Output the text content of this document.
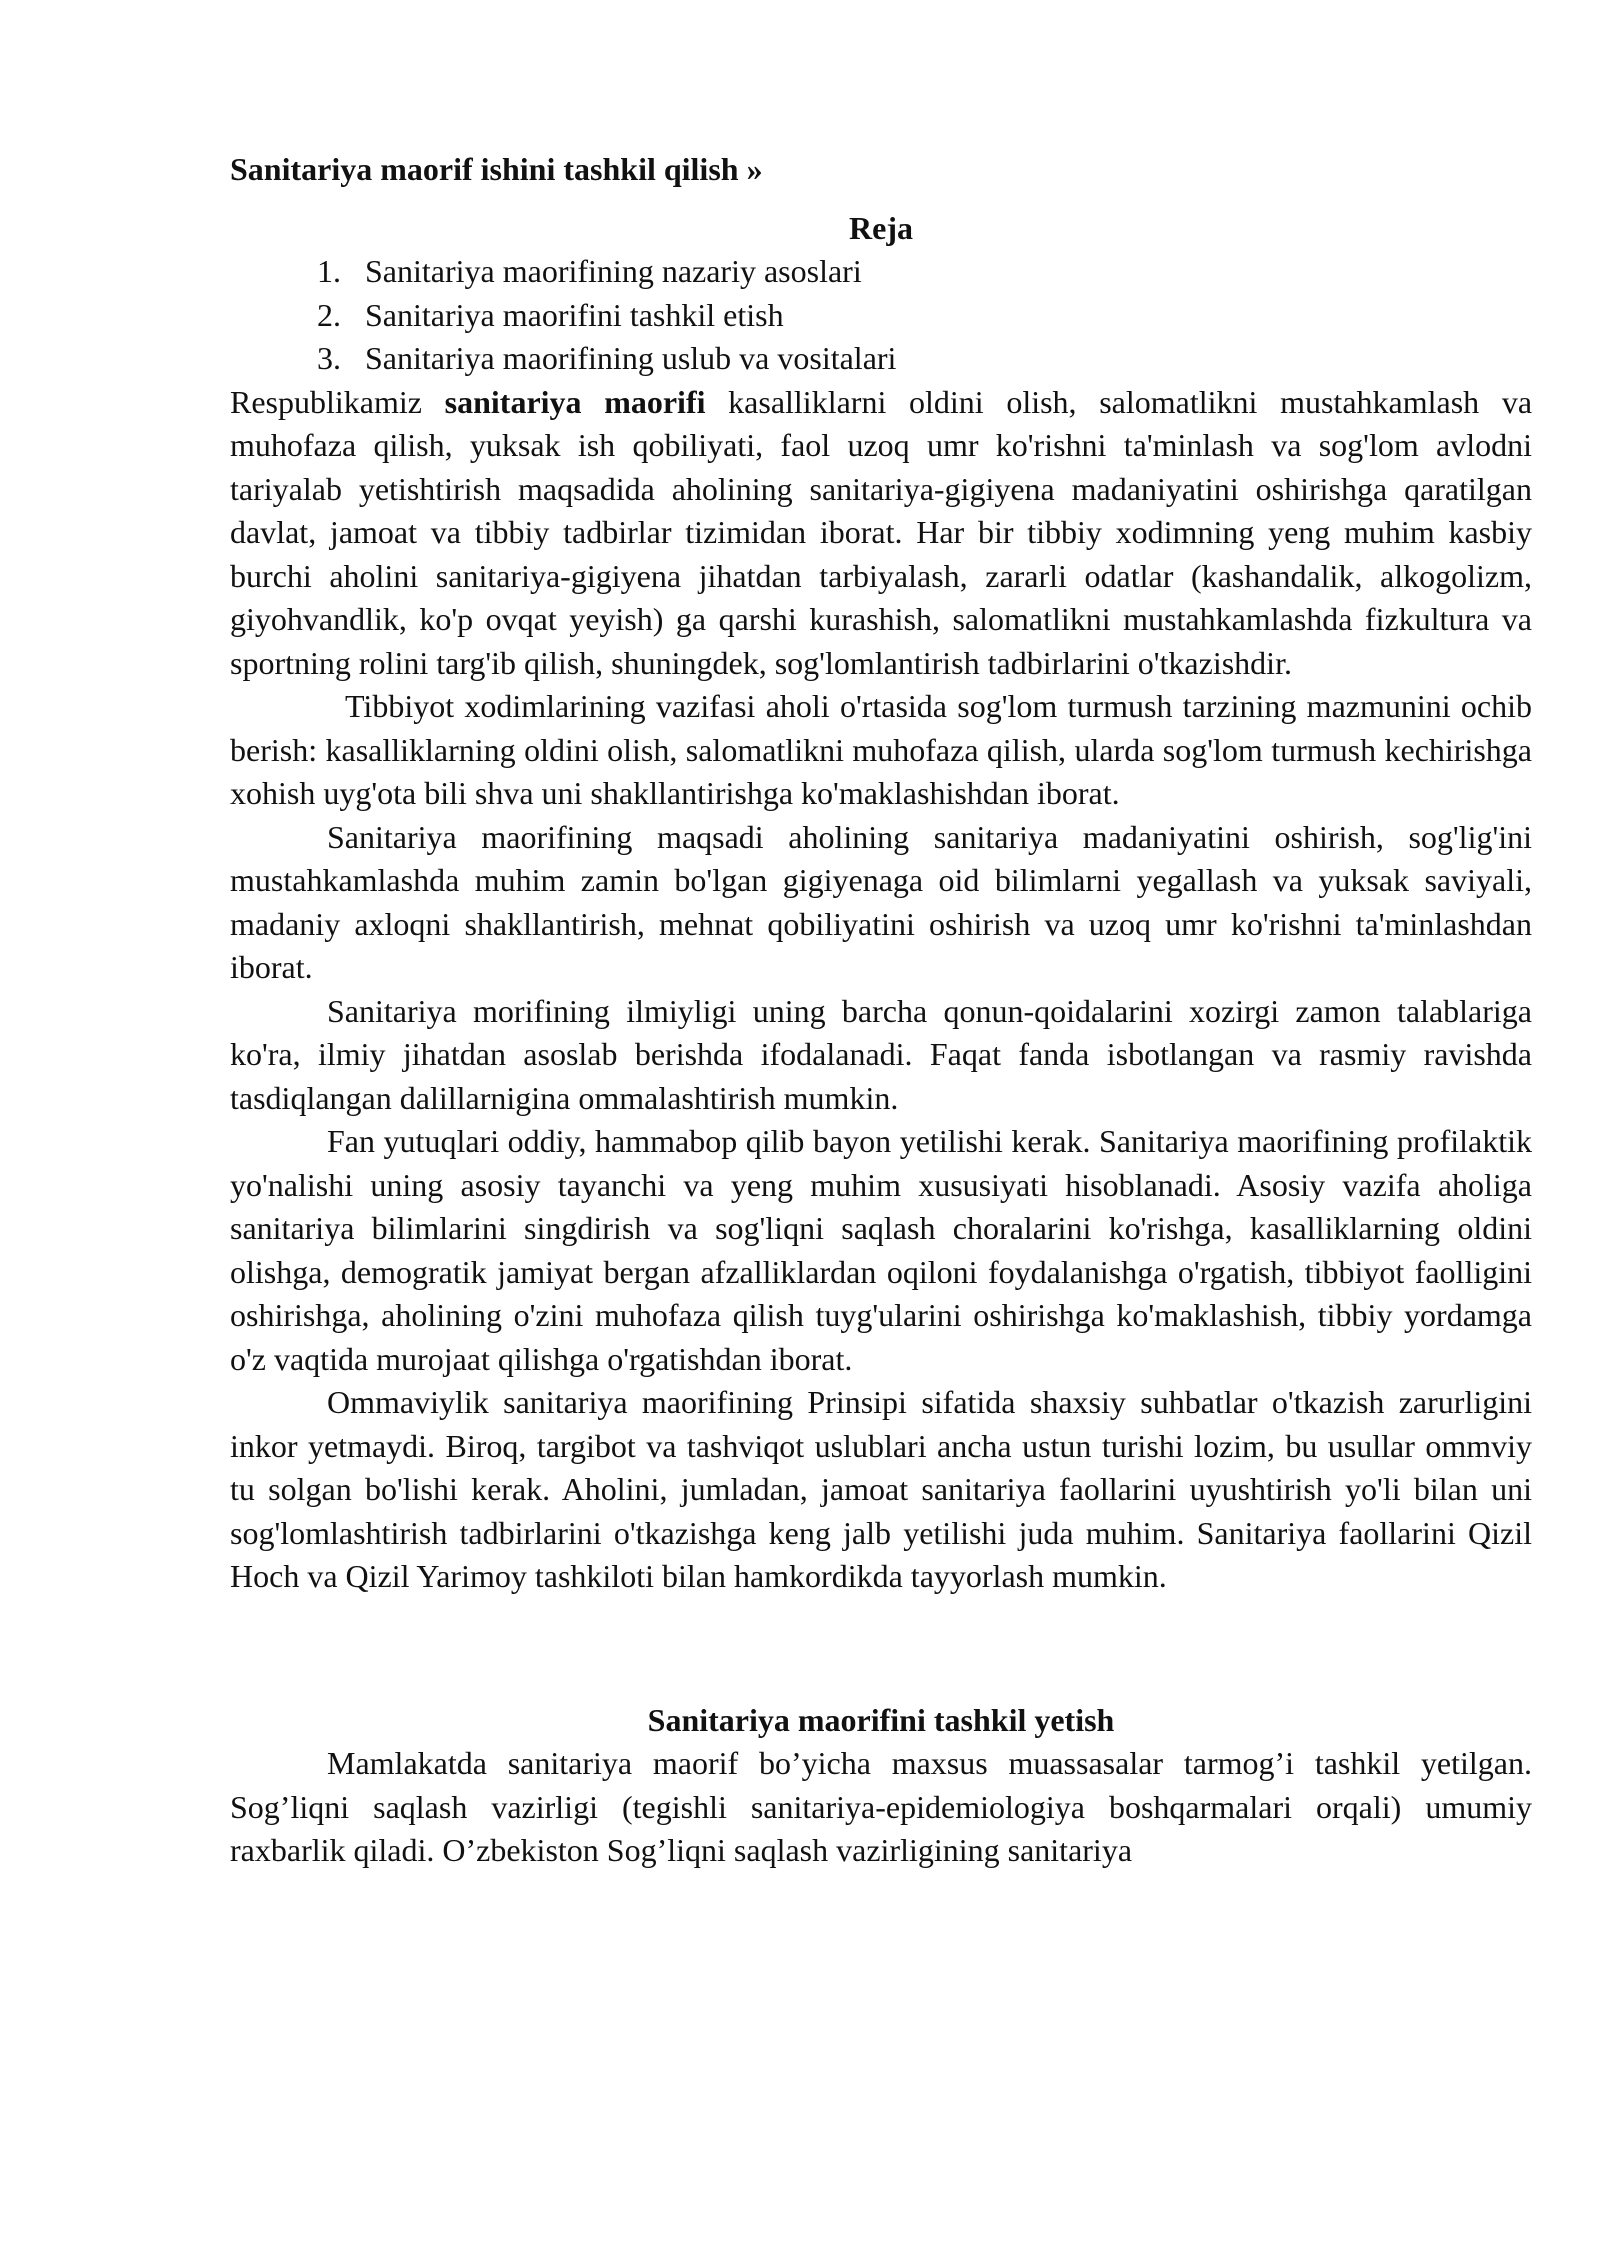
Sanitariya maorif ishini tashkil qilish »
Reja
1. Sanitariya maorifining nazariy asoslari
2. Sanitariya maorifini tashkil etish
3. Sanitariya maorifining uslub va vositalari

Respublikamiz sanitariya maorifi kasalliklarni oldini olish, salomatlikni mustahkamlash va muhofaza qilish, yuksak ish qobiliyati, faol uzoq umr ko'rishni ta'minlash va sog'lom avlodni tariyalab yetishtirish maqsadida aholining sanitariya-gigiyena madaniyatini oshirishga qaratilgan davlat, jamoat va tibbiy tadbirlar tizimidan iborat. Har bir tibbiy xodimning yeng muhim kasbiy burchi aholini sanitariya-gigiyena jihatdan tarbiyalash, zararli odatlar (kashandalik, alkogolizm, giyohvandlik, ko'p ovqat yeyish) ga qarshi kurashish, salomatlikni mustahkamlashda fizkultura va sportning rolini targ'ib qilish, shuningdek, sog'lomlantirish tadbirlarini o'tkazishdir.

Tibbiyot xodimlarining vazifasi aholi o'rtasida sog'lom turmush tarzining mazmunini ochib berish: kasalliklarning oldini olish, salomatlikni muhofaza qilish, ularda sog'lom turmush kechirishga xohish uyg'ota bili shva uni shakllantirishga ko'maklashishdan iborat.

Sanitariya maorifining maqsadi aholining sanitariya madaniyatini oshirish, sog'lig'ini mustahkamlashda muhim zamin bo'lgan gigiyenaga oid bilimlarni yegallash va yuksak saviyali, madaniy axloqni shakllantirish, mehnat qobiliyatini oshirish va uzoq umr ko'rishni ta'minlashdan iborat.

Sanitariya morifining ilmiyligi uning barcha qonun-qoidalarini xozirgi zamon talablariga ko'ra, ilmiy jihatdan asoslab berishda ifodalanadi. Faqat fanda isbotlangan va rasmiy ravishda tasdiqlangan dalillarnigina ommalashtirish mumkin.

Fan yutuqlari oddiy, hammabop qilib bayon yetilishi kerak. Sanitariya maorifining profilaktik yo'nalishi uning asosiy tayanchi va yeng muhim xususiyati hisoblanadi. Asosiy vazifa aholiga sanitariya bilimlarini singdirish va sog'liqni saqlash choralarini ko'rishga, kasalliklarning oldini olishga, demogratik jamiyat bergan afzalliklardan oqiloni foydalanishga o'rgatish, tibbiyot faolligini oshirishga, aholining o'zini muhofaza qilish tuyg'ularini oshirishga ko'maklashish, tibbiy yordamga o'z vaqtida murojaat qilishga o'rgatishdan iborat.

Ommaviylik sanitariya maorifining Prinsipi sifatida shaxsiy suhbatlar o'tkazish zarurligini inkor yetmaydi. Biroq, targibot va tashviqot uslublari ancha ustun turishi lozim, bu usullar ommviy tu solgan bo'lishi kerak. Aholini, jumladan, jamoat sanitariya faollarini uyushtirish yo'li bilan uni sog'lomlashtirish tadbirlarini o'tkazishga keng jalb yetilishi juda muhim. Sanitariya faollarini Qizil Hoch va Qizil Yarimoy tashkiloti bilan hamkordikda tayyorlash mumkin.

Sanitariya maorifini tashkil yetish

Mamlakatda sanitariya maorif bo’yicha maxsus muassasalar tarmog’i tashkil yetilgan. Sog’liqni saqlash vazirligi (tegishli sanitariya-epidemiologiya boshqarmalari orqali) umumiy raxbarlik qiladi. O’zbekiston Sog’liqni saqlash vazirligining sanitariya
